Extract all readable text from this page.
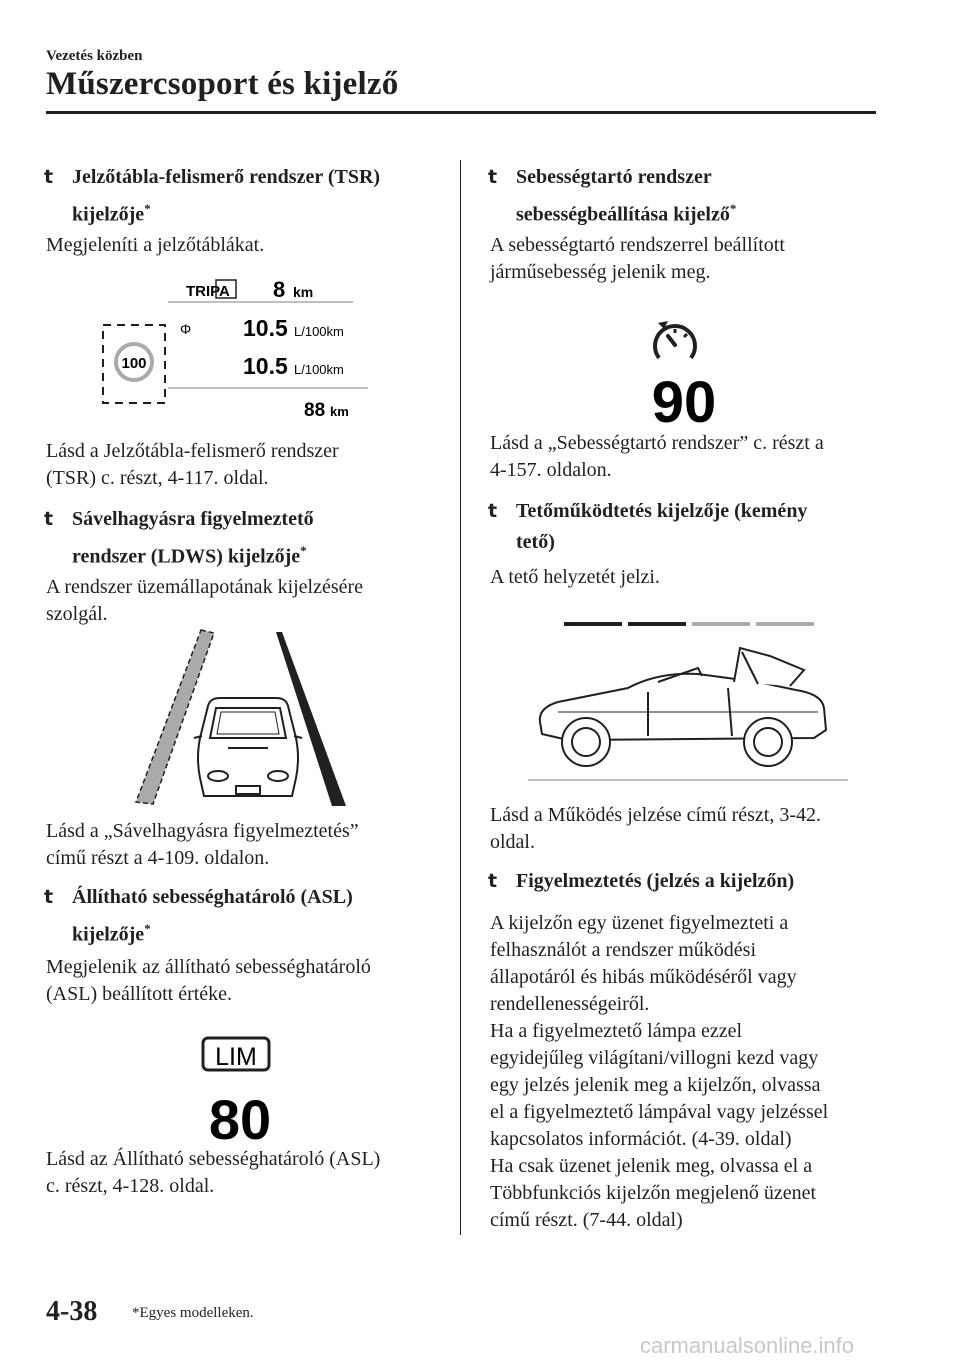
Vezetés közben
Műszercsoport és kijelző
t Jelzőtábla-felismerő rendszer (TSR)
kijelzője*
Megjeleníti a jelzőtáblákat.
TRIP
A 8 km
100
Φ 10.5 L/100km
10.5 L/100km
88 km
Lásd a Jelzőtábla-felismerő rendszer
(TSR) c. részt, 4-117. oldal.
t Sávelhagyásra figyelmeztető
rendszer (LDWS) kijelzője*
A rendszer üzemállapotának kijelzésére
szolgál.
Lásd a „Sávelhagyásra figyelmeztetés”
című részt a 4-109. oldalon.
t Állítható sebességhatároló (ASL)
kijelzője*
Megjelenik az állítható sebességhatároló
(ASL) beállított értéke.
LIM
80
Lásd az Állítható sebességhatároló (ASL)
c. részt, 4-128. oldal.
t Sebességtartó rendszer
sebességbeállítása kijelző*
A sebességtartó rendszerrel beállított
járműsebesség jelenik meg.
90
Lásd a „Sebességtartó rendszer” c. részt a
4-157. oldalon.
t Tetőműködtetés kijelzője (kemény
tető)
A tető helyzetét jelzi.
Lásd a Működés jelzése című részt, 3-42.
oldal.
t Figyelmeztetés (jelzés a kijelzőn)
A kijelzőn egy üzenet figyelmezteti a
felhasználót a rendszer működési
állapotáról és hibás működéséről vagy
rendellenességeiről.
Ha a figyelmeztető lámpa ezzel
egyidejűleg világítani/villogni kezd vagy
egy jelzés jelenik meg a kijelzőn, olvassa
el a figyelmeztető lámpával vagy jelzéssel
kapcsolatos információt. (4-39. oldal)
Ha csak üzenet jelenik meg, olvassa el a
Többfunkciós kijelzőn megjelenő üzenet
című részt. (7-44. oldal)
4-38 *Egyes modelleken.
carmanualsonline.info
